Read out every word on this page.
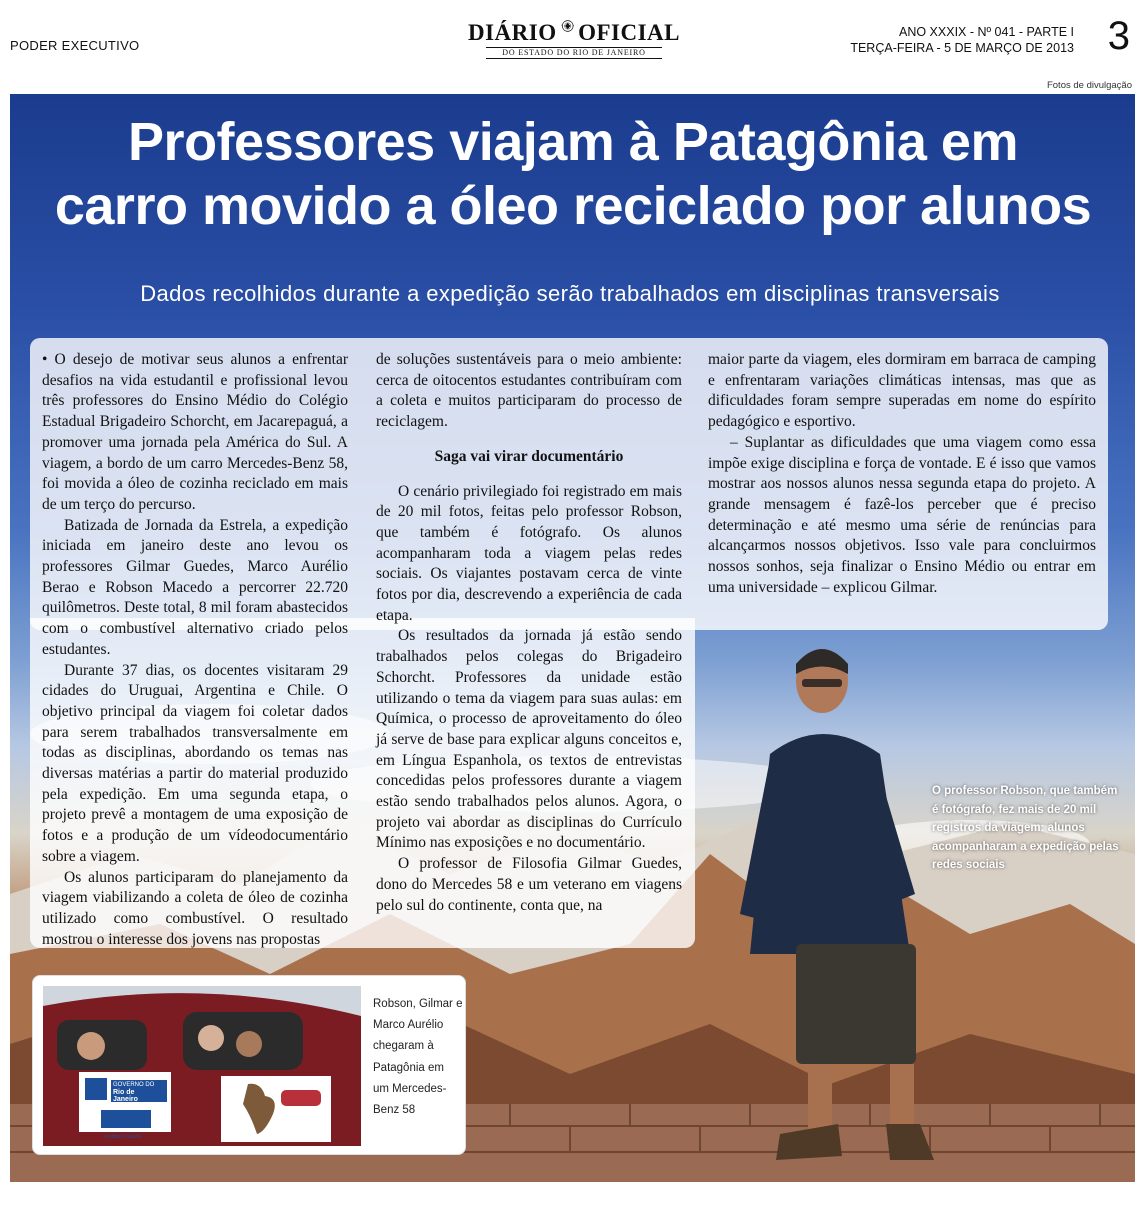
PODER EXECUTIVO
DIÁRIO OFICIAL
DO ESTADO DO RIO DE JANEIRO
ANO XXXIX - Nº 041 - PARTE I
TERÇA-FEIRA - 5 DE MARÇO DE 2013 3
Fotos de divulgação
Professores viajam à Patagônia em
carro movido a óleo reciclado por alunos
Dados recolhidos durante a expedição serão trabalhados em disciplinas transversais

• O desejo de motivar seus alunos a enfrentar desafios na vida estudantil e profissional levou três professores do Ensino Médio do Colégio Estadual Brigadeiro Schorcht, em Jacarepaguá, a promover uma jornada pela América do Sul. A viagem, a bordo de um carro Mercedes-Benz 58, foi movida a óleo de cozinha reciclado em mais de um terço do percurso.

Batizada de Jornada da Estrela, a expedição iniciada em janeiro deste ano levou os professores Gilmar Guedes, Marco Aurélio Berao e Robson Macedo a percorrer 22.720 quilômetros. Deste total, 8 mil foram abastecidos com o combustível alternativo criado pelos estudantes.

Durante 37 dias, os docentes visitaram 29 cidades do Uruguai, Argentina e Chile. O objetivo principal da viagem foi coletar dados para serem trabalhados transversalmente em todas as disciplinas, abordando os temas nas diversas matérias a partir do material produzido pela expedição. Em uma segunda etapa, o projeto prevê a montagem de uma exposição de fotos e a produção de um vídeodocumentário sobre a viagem.

Os alunos participaram do planejamento da viagem viabilizando a coleta de óleo de cozinha utilizado como combustível. O resultado mostrou o interesse dos jovens nas propostas

de soluções sustentáveis para o meio ambiente: cerca de oitocentos estudantes contribuíram com a coleta e muitos participaram do processo de reciclagem.

Saga vai virar documentário

O cenário privilegiado foi registrado em mais de 20 mil fotos, feitas pelo professor Robson, que também é fotógrafo. Os alunos acompanharam toda a viagem pelas redes sociais. Os viajantes postavam cerca de vinte fotos por dia, descrevendo a experiência de cada etapa.

Os resultados da jornada já estão sendo trabalhados pelos colegas do Brigadeiro Schorcht. Professores da unidade estão utilizando o tema da viagem para suas aulas: em Química, o processo de aproveitamento do óleo já serve de base para explicar alguns conceitos e, em Língua Espanhola, os textos de entrevistas concedidas pelos professores durante a viagem estão sendo trabalhados pelos alunos. Agora, o projeto vai abordar as disciplinas do Currículo Mínimo nas exposições e no documentário.

O professor de Filosofia Gilmar Guedes, dono do Mercedes 58 e um veterano em viagens pelo sul do continente, conta que, na

maior parte da viagem, eles dormiram em barraca de camping e enfrentaram variações climáticas intensas, mas que as dificuldades foram sempre superadas em nome do espírito pedagógico e esportivo.

– Suplantar as dificuldades que uma viagem como essa impõe exige disciplina e força de vontade. E é isso que vamos mostrar aos nossos alunos nessa segunda etapa do projeto. A grande mensagem é fazê-los perceber que é preciso determinação e até mesmo uma série de renúncias para alcançarmos nossos objetivos. Isso vale para concluirmos nossos sonhos, seja finalizar o Ensino Médio ou entrar em uma universidade – explicou Gilmar.

O professor Robson, que também é fotógrafo, fez mais de 20 mil registros da viagem: alunos acompanharam a expedição pelas redes sociais
GOVERNO DO
Rio de
Janeiro
Instituto Cultural
Robson, Gilmar e Marco Aurélio chegaram à Patagônia em um Mercedes-Benz 58
